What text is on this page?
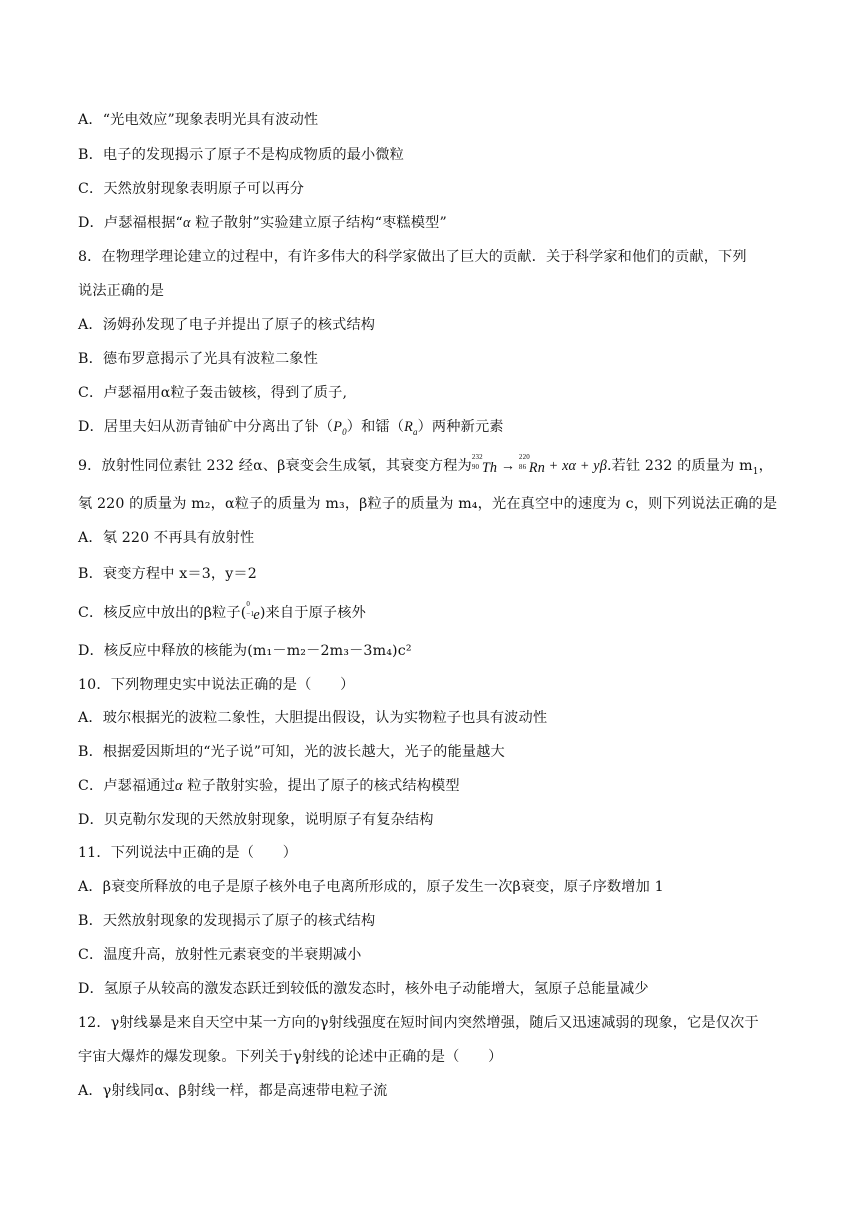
A．“光电效应”现象表明光具有波动性
B．电子的发现揭示了原子不是构成物质的最小微粒
C．天然放射现象表明原子可以再分
D．卢瑟福根据“α 粒子散射”实验建立原子结构“枣糕模型”
8．在物理学理论建立的过程中，有许多伟大的科学家做出了巨大的贡献．关于科学家和他们的贡献，下列
说法正确的是
A．汤姆孙发现了电子并提出了原子的核式结构
B．德布罗意揭示了光具有波粒二象性
C．卢瑟福用α粒子轰击铍核，得到了质子,
D．居里夫妇从沥青铀矿中分离出了钋$(P_0)$和镭$(R_a)$两种新元素
9．放射性同位素钍 232 经α、β衰变会生成氡，其衰变方程为
232
90 Th →
220
86 Rn + xα + yβ.若钍 232 的质量为 $m_1$，
氡 220 的质量为 m₂，α粒子的质量为 m₃，β粒子的质量为 m₄，光在真空中的速度为 c，则下列说法正确的是
A．氡 220 不再具有放射性
B．衰变方程中 x＝3，y＝2
C．核反应中放出的β粒子(
0
−1 e)来自于原子核外
D．核反应中释放的核能为(m₁－m₂－2m₃－3m₄)c²
10．下列物理史实中说法正确的是（　　）
A．玻尔根据光的波粒二象性，大胆提出假设，认为实物粒子也具有波动性
B．根据爱因斯坦的“光子说”可知，光的波长越大，光子的能量越大
C．卢瑟福通过α 粒子散射实验，提出了原子的核式结构模型
D．贝克勒尔发现的天然放射现象，说明原子有复杂结构
11．下列说法中正确的是（　　）
A．β衰变所释放的电子是原子核外电子电离所形成的，原子发生一次β衰变，原子序数增加 1
B．天然放射现象的发现揭示了原子的核式结构
C．温度升高，放射性元素衰变的半衰期减小
D．氢原子从较高的激发态跃迁到较低的激发态时，核外电子动能增大，氢原子总能量减少
12．γ射线暴是来自天空中某一方向的γ射线强度在短时间内突然增强，随后又迅速减弱的现象，它是仅次于
宇宙大爆炸的爆发现象。下列关于γ射线的论述中正确的是（　　）
A．γ射线同α、β射线一样，都是高速带电粒子流
